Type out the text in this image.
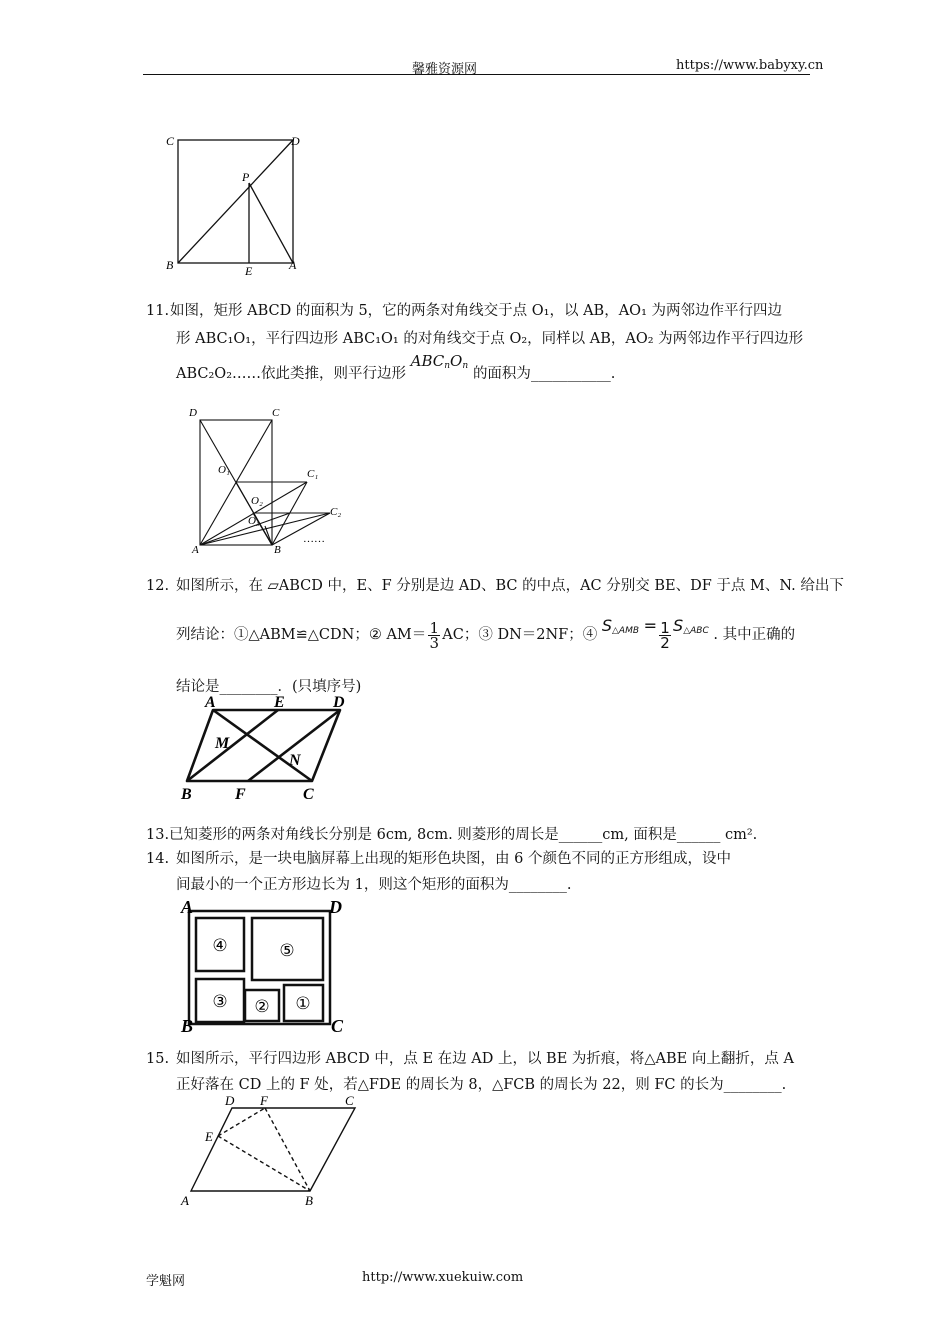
馨雅资源网	https://www.babyxy.cn
C	D
P
B	E	A
11. 如图，矩形 ABCD 的面积为 5，它的两条对角线交于点 O₁，以 AB，AO₁ 为两邻边作平行四边
形 ABC₁O₁，平行四边形 ABC₁O₁ 的对角线交于点 O₂，同样以 AB，AO₂ 为两邻边作平行四边形
ABC₂O₂……依此类推，则平行边形 $ABC_nO_n$ 的面积为___________.
D	C
O₁	C₁
O₂
C₂
O₃
A	B
……
12. 如图所示，在 ▱ABCD 中，E、F 分别是边 AD、BC 的中点，AC 分别交 BE、DF 于点 M、N. 给出下
列结论：①△ABM≌△CDN；② $AM= \frac{1}{3}$ AC；③ DN＝2NF；④ $S_{\triangle AMB} = \frac{1}{2} S_{\triangle ABC}$ . 其中正确的
结论是________．(只填序号)
A	E	D
M
N
B	F	C
13.已知菱形的两条对角线长分别是 6cm, 8cm. 则菱形的周长是______cm, 面积是______ cm².
14. 如图所示，是一块电脑屏幕上出现的矩形色块图，由 6 个颜色不同的正方形组成，设中
间最小的一个正方形边长为 1，则这个矩形的面积为________.
A	D
B	C
④	⑤
③ ② ①
15. 如图所示，平行四边形 ABCD 中，点 E 在边 AD 上，以 BE 为折痕，将△ABE 向上翻折，点 A
正好落在 CD 上的 F 处，若△FDE 的周长为 8，△FCB 的周长为 22，则 FC 的长为________.
D F	C
E
A	B
学魁网	http://www.xuekuiw.com
